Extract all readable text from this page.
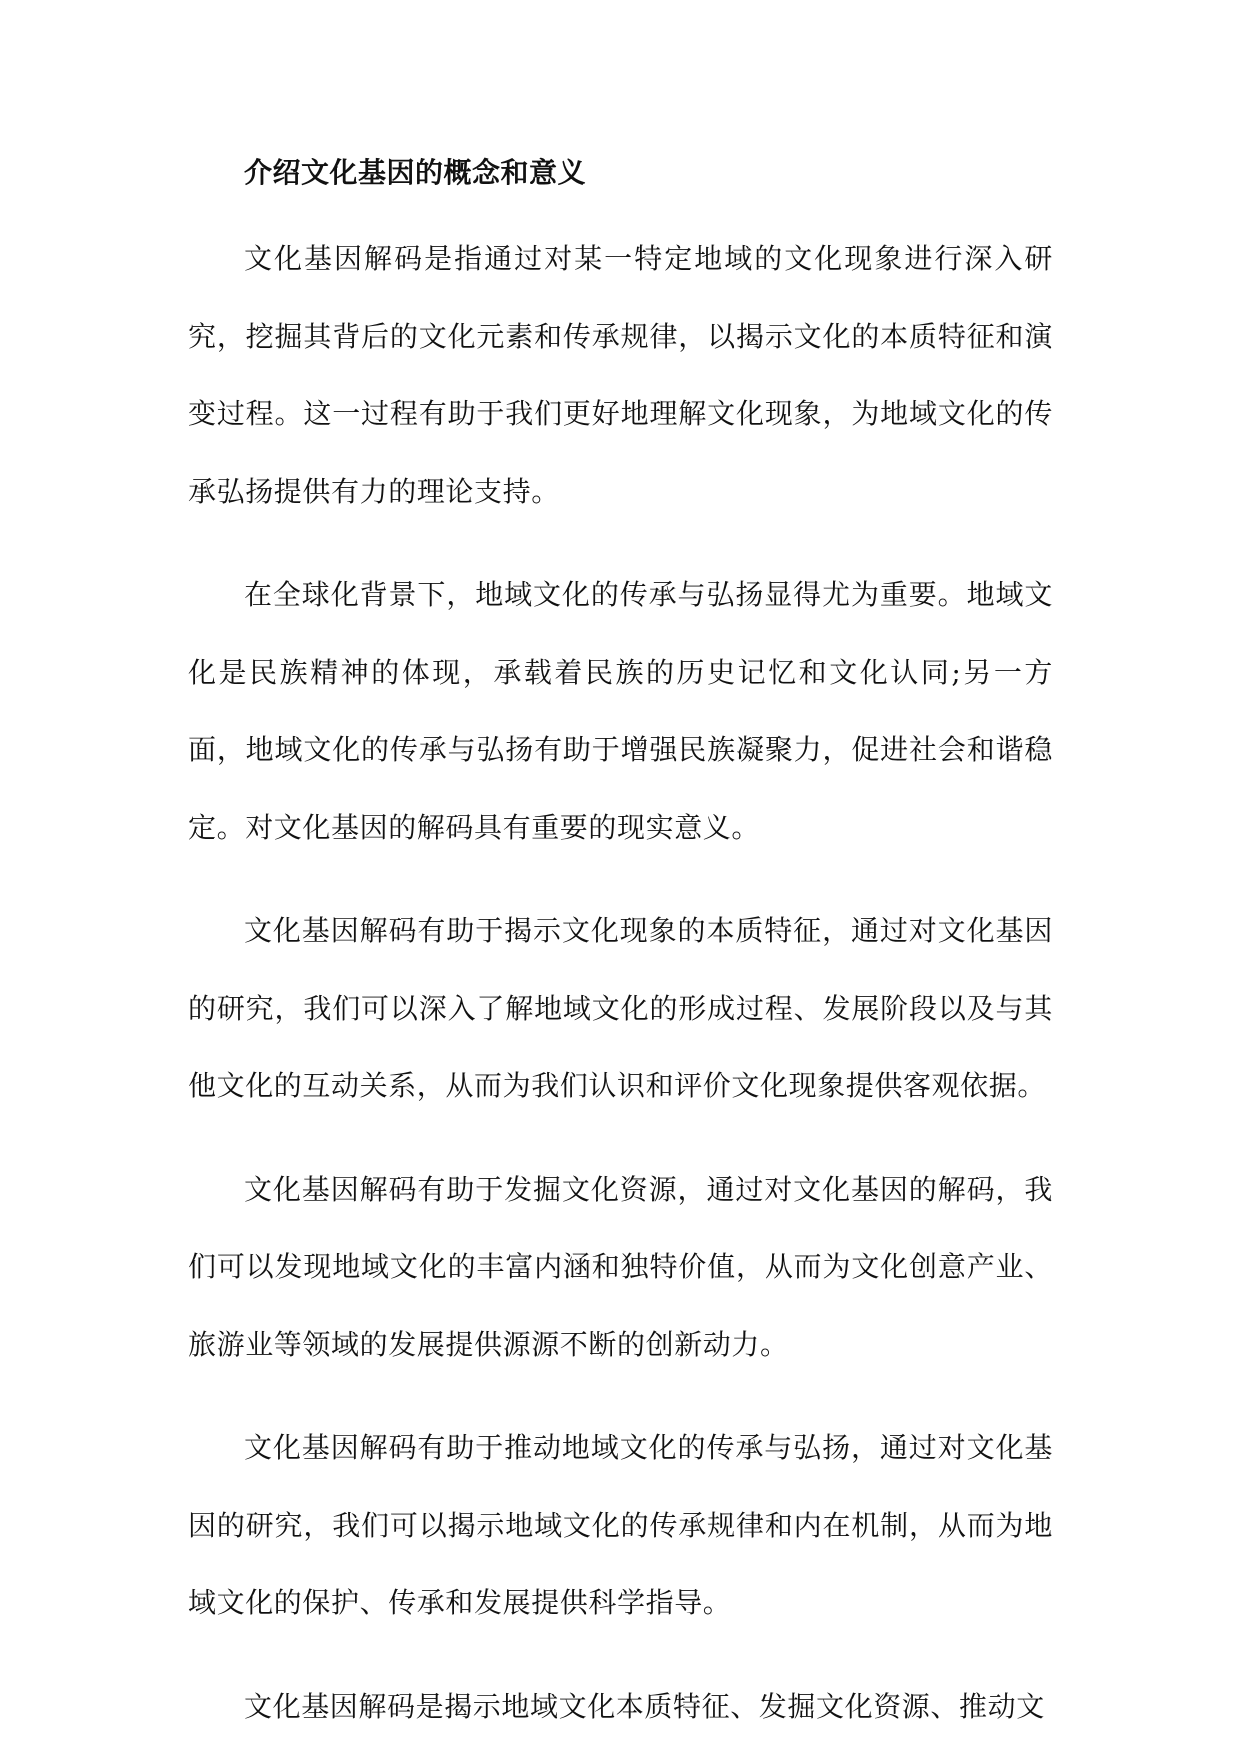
介绍文化基因的概念和意义

文化基因解码是指通过对某一特定地域的文化现象进行深入研究，挖掘其背后的文化元素和传承规律，以揭示文化的本质特征和演变过程。这一过程有助于我们更好地理解文化现象，为地域文化的传承弘扬提供有力的理论支持。

在全球化背景下，地域文化的传承与弘扬显得尤为重要。地域文化是民族精神的体现，承载着民族的历史记忆和文化认同;另一方面，地域文化的传承与弘扬有助于增强民族凝聚力，促进社会和谐稳定。对文化基因的解码具有重要的现实意义。

文化基因解码有助于揭示文化现象的本质特征，通过对文化基因的研究，我们可以深入了解地域文化的形成过程、发展阶段以及与其他文化的互动关系，从而为我们认识和评价文化现象提供客观依据。

文化基因解码有助于发掘文化资源，通过对文化基因的解码，我们可以发现地域文化的丰富内涵和独特价值，从而为文化创意产业、旅游业等领域的发展提供源源不断的创新动力。

文化基因解码有助于推动地域文化的传承与弘扬，通过对文化基因的研究，我们可以揭示地域文化的传承规律和内在机制，从而为地域文化的保护、传承和发展提供科学指导。

文化基因解码是揭示地域文化本质特征、发掘文化资源、推动文
